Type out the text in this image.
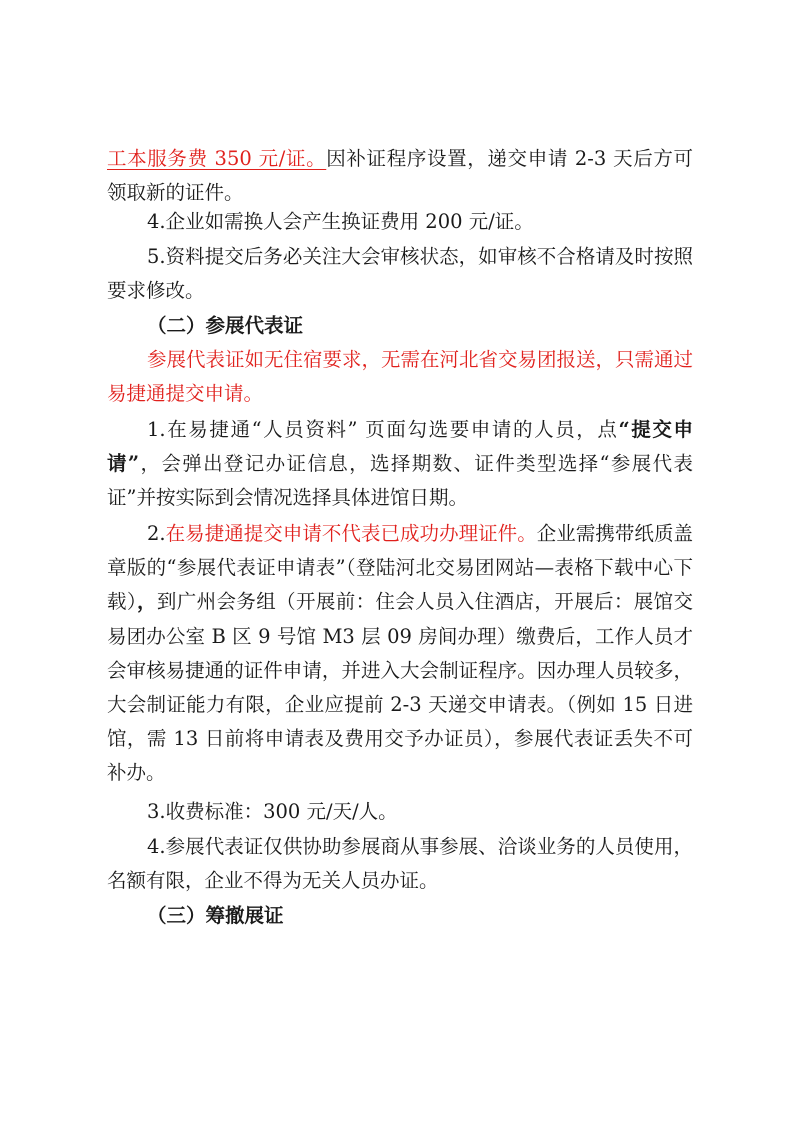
工本服务费 350 元/证。因补证程序设置，递交申请 2-3 天后方可领取新的证件。

4.企业如需换人会产生换证费用 200 元/证。

5.资料提交后务必关注大会审核状态，如审核不合格请及时按照要求修改。

（二）参展代表证

参展代表证如无住宿要求，无需在河北省交易团报送，只需通过易捷通提交申请。

1.在易捷通“人员资料” 页面勾选要申请的人员，点“提交申请”，会弹出登记办证信息，选择期数、证件类型选择“参展代表证”并按实际到会情况选择具体进馆日期。

2.在易捷通提交申请不代表已成功办理证件。企业需携带纸质盖章版的“参展代表证申请表”（登陆河北交易团网站—表格下载中心下载），到广州会务组（开展前：住会人员入住酒店，开展后：展馆交易团办公室 B 区 9 号馆 M3 层 09 房间办理）缴费后，工作人员才会审核易捷通的证件申请，并进入大会制证程序。因办理人员较多，大会制证能力有限，企业应提前 2-3 天递交申请表。（例如 15 日进馆，需 13 日前将申请表及费用交予办证员），参展代表证丢失不可补办。

3.收费标准：300 元/天/人。

4.参展代表证仅供协助参展商从事参展、洽谈业务的人员使用，名额有限，企业不得为无关人员办证。

（三）筹撤展证
